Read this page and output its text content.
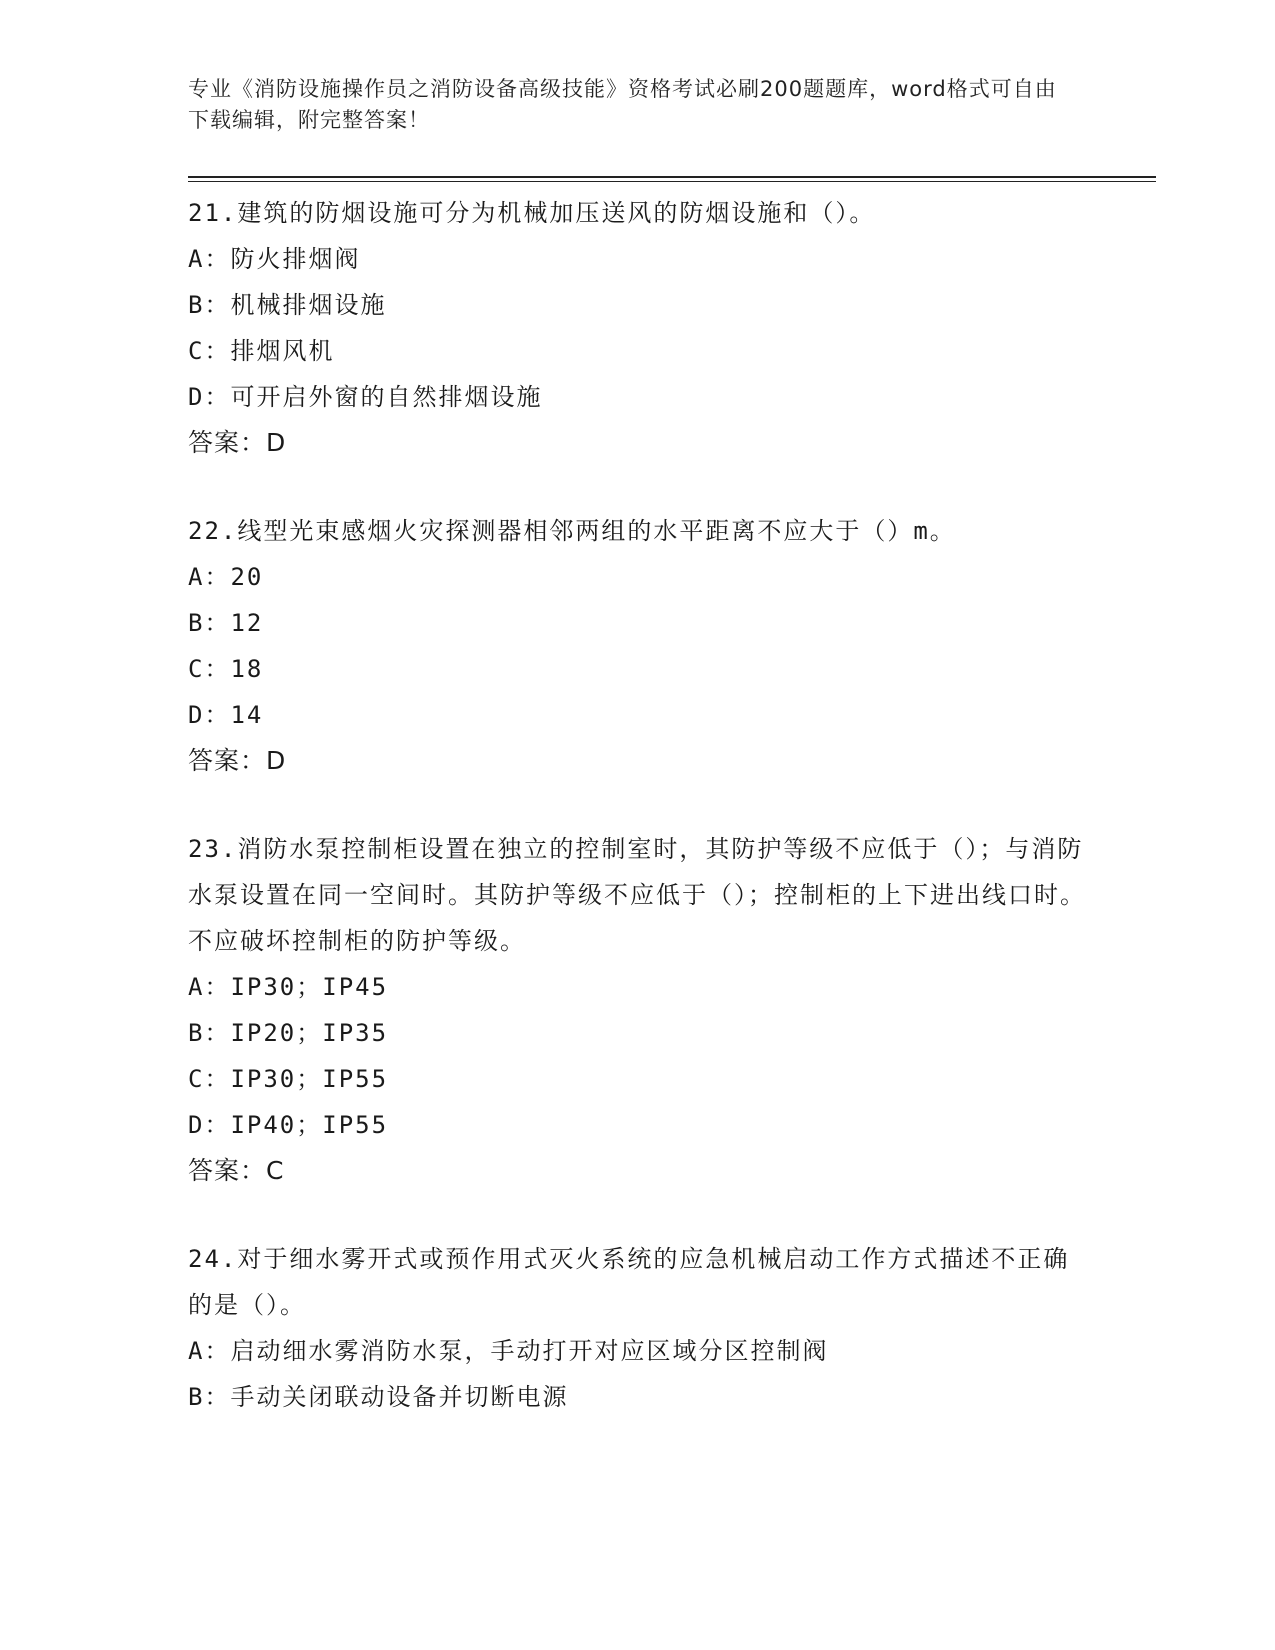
专业《消防设施操作员之消防设备高级技能》资格考试必刷200题题库，word格式可自由下载编辑，附完整答案！

21.建筑的防烟设施可分为机械加压送风的防烟设施和（）。

A：防火排烟阀

B：机械排烟设施

C：排烟风机

D：可开启外窗的自然排烟设施

答案：D

22.线型光束感烟火灾探测器相邻两组的水平距离不应大于（）m。

A：20

B：12

C：18

D：14

答案：D

23.消防水泵控制柜设置在独立的控制室时，其防护等级不应低于（）；与消防水泵设置在同一空间时。其防护等级不应低于（）；控制柜的上下进出线口时。不应破坏控制柜的防护等级。

A：IP30；IP45

B：IP20；IP35

C：IP30；IP55

D：IP40；IP55

答案：C

24.对于细水雾开式或预作用式灭火系统的应急机械启动工作方式描述不正确的是（）。

A：启动细水雾消防水泵，手动打开对应区域分区控制阀

B：手动关闭联动设备并切断电源
